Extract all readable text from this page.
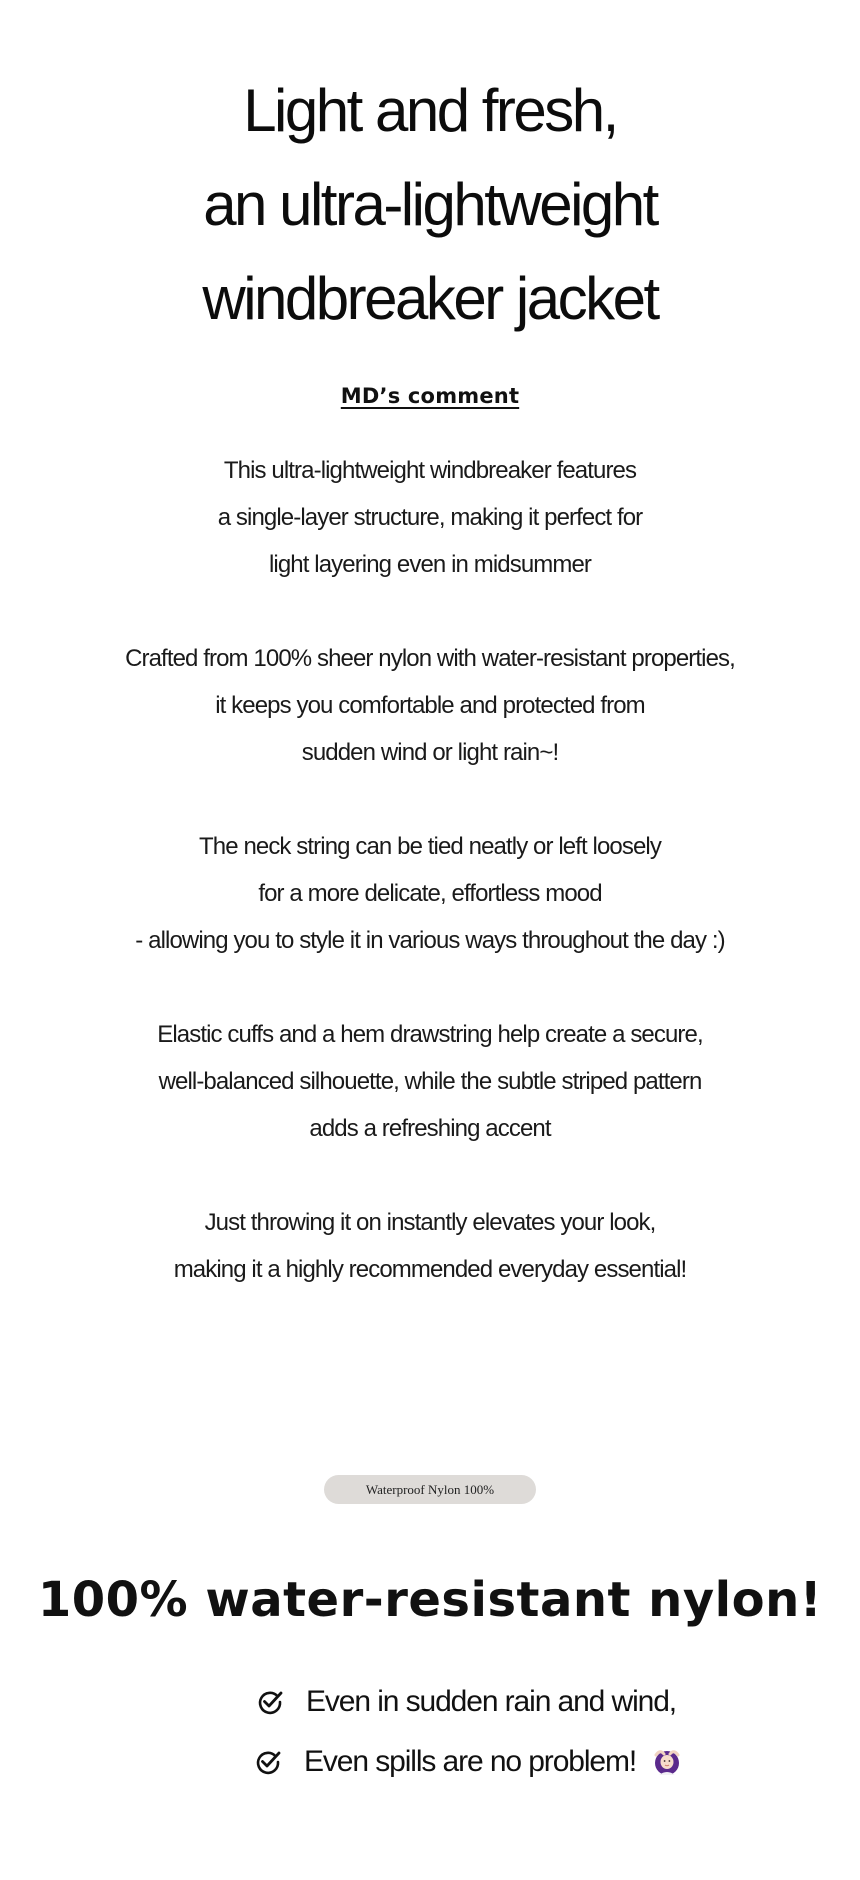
Light and fresh,
an ultra-lightweight
windbreaker jacket
MD’s comment
This ultra-lightweight windbreaker features
a single-layer structure, making it perfect for
light layering even in midsummer
Crafted from 100% sheer nylon with water-resistant properties,
it keeps you comfortable and protected from
sudden wind or light rain~!
The neck string can be tied neatly or left loosely
for a more delicate, effortless mood
- allowing you to style it in various ways throughout the day :)
Elastic cuffs and a hem drawstring help create a secure,
well-balanced silhouette, while the subtle striped pattern
adds a refreshing accent
Just throwing it on instantly elevates your look,
making it a highly recommended everyday essential!
Waterproof Nylon 100%
100% water-resistant nylon!
Even in sudden rain and wind,
Even spills are no problem!
